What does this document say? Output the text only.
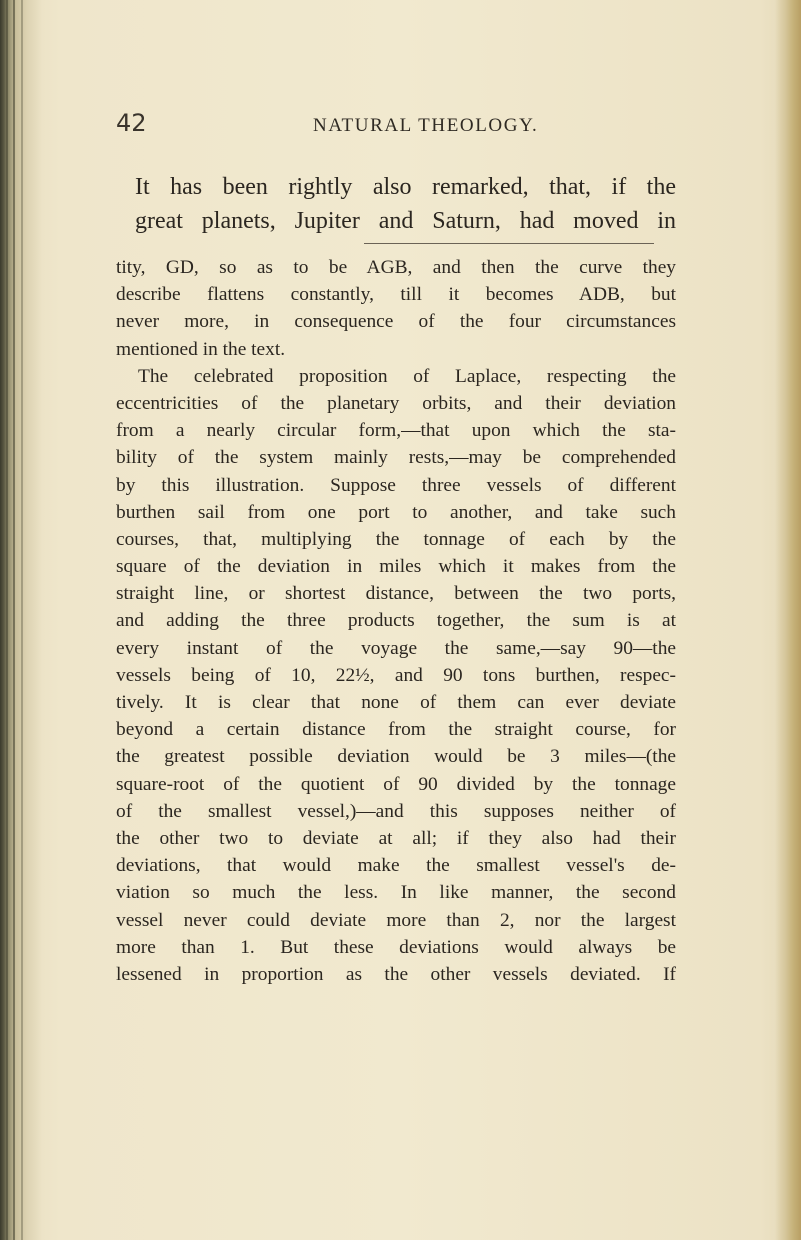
42	NATURAL THEOLOGY.
It has been rightly also remarked, that, if the
great planets, Jupiter and Saturn, had moved in
tity, GD, so as to be AGB, and then the curve they
describe flattens constantly, till it becomes ADB, but
never more, in consequence of the four circumstances
mentioned in the text.
The celebrated proposition of Laplace, respecting the
eccentricities of the planetary orbits, and their deviation
from a nearly circular form,—that upon which the sta-
bility of the system mainly rests,—may be comprehended
by this illustration. Suppose three vessels of different
burthen sail from one port to another, and take such
courses, that, multiplying the tonnage of each by the
square of the deviation in miles which it makes from the
straight line, or shortest distance, between the two ports,
and adding the three products together, the sum is at
every instant of the voyage the same,—say 90—the
vessels being of 10, 22½, and 90 tons burthen, respec-
tively. It is clear that none of them can ever deviate
beyond a certain distance from the straight course, for
the greatest possible deviation would be 3 miles—(the
square-root of the quotient of 90 divided by the tonnage
of the smallest vessel,)—and this supposes neither of
the other two to deviate at all; if they also had their
deviations, that would make the smallest vessel's de-
viation so much the less. In like manner, the second
vessel never could deviate more than 2, nor the largest
more than 1. But these deviations would always be
lessened in proportion as the other vessels deviated. If
